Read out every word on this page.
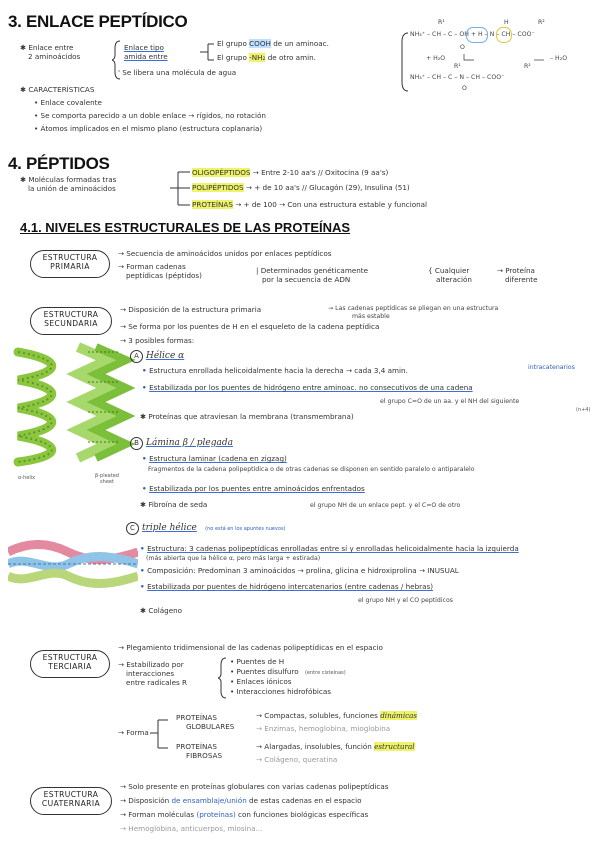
3. ENLACE PEPTÍDICO
✱ Enlace entre
2 aminoácidos
Enlace tipo
amida entre
El grupo COOH de un aminoac.
El grupo -NH₂ de otro amin.
' Se libera una molécula de agua
R¹	R²
NH₃⁺ – CH – C – OH + H – N – CH – COO⁻
O
H
+ H₂O	– H₂O
R¹	R²
NH₃⁺ – CH – C – N – CH – COO⁻
O
✱ CARACTERÍSTICAS
• Enlace covalente
• Se comporta parecido a un doble enlace → rígidos, no rotación
• Átomos implicados en el mismo plano (estructura coplanaria)
4. PÉPTIDOS
✱ Moléculas formadas tras
la unión de aminoácidos
OLIGOPÉPTIDOS → Entre 2-10 aa's // Oxitocina (9 aa's)
POLIPÉPTIDOS → + de 10 aa's // Glucagón (29), Insulina (51)
PROTEÍNAS → + de 100 → Con una estructura estable y funcional
4.1. NIVELES ESTRUCTURALES DE LAS PROTEÍNAS
ESTRUCTURA
PRIMARIA
→ Secuencia de aminoácidos unidos por enlaces peptídicos
→ Forman cadenas
peptídicas (péptidos)
| Determinados genéticamente
por la secuencia de ADN
{ Cualquier
alteración
→ Proteína
diferente
ESTRUCTURA
SECUNDARIA
→ Disposición de la estructura primaria	→ Las cadenas peptídicas se pliegan en una estructura
más estable
→ Se forma por los puentes de H en el esqueleto de la cadena peptídica
→ 3 posibles formas:
α-helix	β-pleated sheet
A Hélice α
• Estructura enrollada helicoidalmente hacia la derecha → cada 3,4 amin.	intracatenarios
• Estabilizada por los puentes de hidrógeno entre aminoac. no consecutivos de una cadena
el grupo C=O de un aa. y el NH del siguiente
(n+4)
✱ Proteínas que atraviesan la membrana (transmembrana)
B Lámina β / plegada
• Estructura laminar (cadena en zigzag)
Fragmentos de la cadena polipeptídica o de otras cadenas se disponen en sentido paralelo o antiparalelo
• Estabilizada por los puentes entre aminoácidos enfrentados
✱ Fibroína de seda	el grupo NH de un enlace pept. y el C=O de otro
C triple hélice (no está en los apuntes nuevos)
• Estructura: 3 cadenas polipeptídicas enrolladas entre sí y enrolladas helicoidalmente hacia la izquierda
(más abierta que la hélice α, pero más larga + estirada)
• Composición: Predominan 3 aminoácidos → prolina, glicina e hidroxiprolina → INUSUAL
• Estabilizada por puentes de hidrógeno intercatenarios (entre cadenas / hebras)
el grupo NH y el CO peptídicos
✱ Colágeno
ESTRUCTURA
TERCIARIA
→ Plegamiento tridimensional de las cadenas polipeptídicas en el espacio
→ Estabilizado por
interacciones
entre radicales R
• Puentes de H
• Puentes disulfuro (entre cisteínas)
• Enlaces iónicos
• Interacciones hidrofóbicas
→ Forma
PROTEÍNAS
GLOBULARES
→ Compactas, solubles, funciones dinámicas
→ Enzimas, hemoglobina, mioglobina
PROTEÍNAS
FIBROSAS
→ Alargadas, insolubles, función estructural
→ Colágeno, queratina
ESTRUCTURA
CUATERNARIA
→ Solo presente en proteínas globulares con varias cadenas polipeptídicas
→ Disposición de ensamblaje/unión de estas cadenas en el espacio
→ Forman moléculas (proteínas) con funciones biológicas específicas
→ Hemoglobina, anticuerpos, miosina...
